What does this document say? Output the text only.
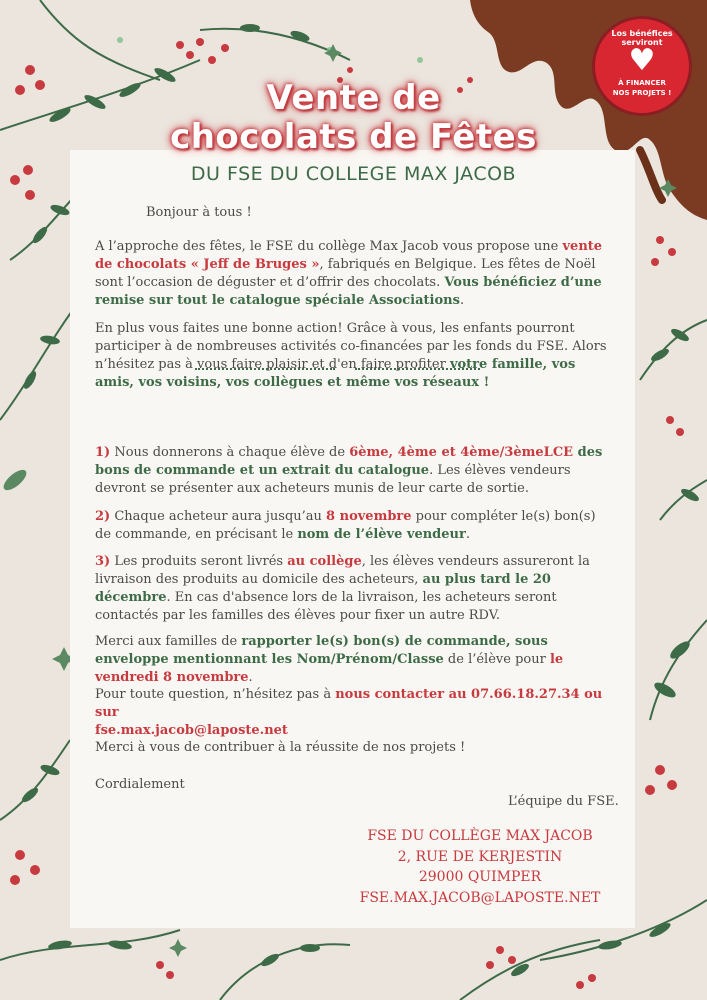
Los bénéfices serviront
♥
À FINANCER
NOS PROJETS !
Vente de
chocolats de Fêtes
DU FSE DU COLLEGE MAX JACOB
Bonjour à tous !

A l’approche des fêtes, le FSE du collège Max Jacob vous propose une vente de chocolats « Jeff de Bruges », fabriqués en Belgique. Les fêtes de Noël sont l’occasion de déguster et d’offrir des chocolats. Vous bénéficiez d’une remise sur tout le catalogue spéciale Associations.

En plus vous faites une bonne action! Grâce à vous, les enfants pourront participer à de nombreuses activités co-financées par les fonds du FSE. Alors n’hésitez pas à vous faire plaisir et d'en faire profiter votre famille, vos amis, vos voisins, vos collègues et même vos réseaux !

1) Nous donnerons à chaque élève de 6ème, 4ème et 4ème/3èmeLCE des bons de commande et un extrait du catalogue. Les élèves vendeurs devront se présenter aux acheteurs munis de leur carte de sortie.

2) Chaque acheteur aura jusqu’au 8 novembre pour compléter le(s) bon(s) de commande, en précisant le nom de l’élève vendeur.

3) Les produits seront livrés au collège, les élèves vendeurs assureront la livraison des produits au domicile des acheteurs, au plus tard le 20 décembre. En cas d'absence lors de la livraison, les acheteurs seront contactés par les familles des élèves pour fixer un autre RDV.

Merci aux familles de rapporter le(s) bon(s) de commande, sous enveloppe mentionnant les Nom/Prénom/Classe de l’élève pour le vendredi 8 novembre.

Pour toute question, n’hésitez pas à nous contacter au 07.66.18.27.34 ou sur
fse.max.jacob@laposte.net

Merci à vous de contribuer à la réussite de nos projets !
Cordialement
L’équipe du FSE.
FSE DU COLLÈGE MAX JACOB
2, RUE DE KERJESTIN
29000 QUIMPER
FSE.MAX.JACOB@LAPOSTE.NET
